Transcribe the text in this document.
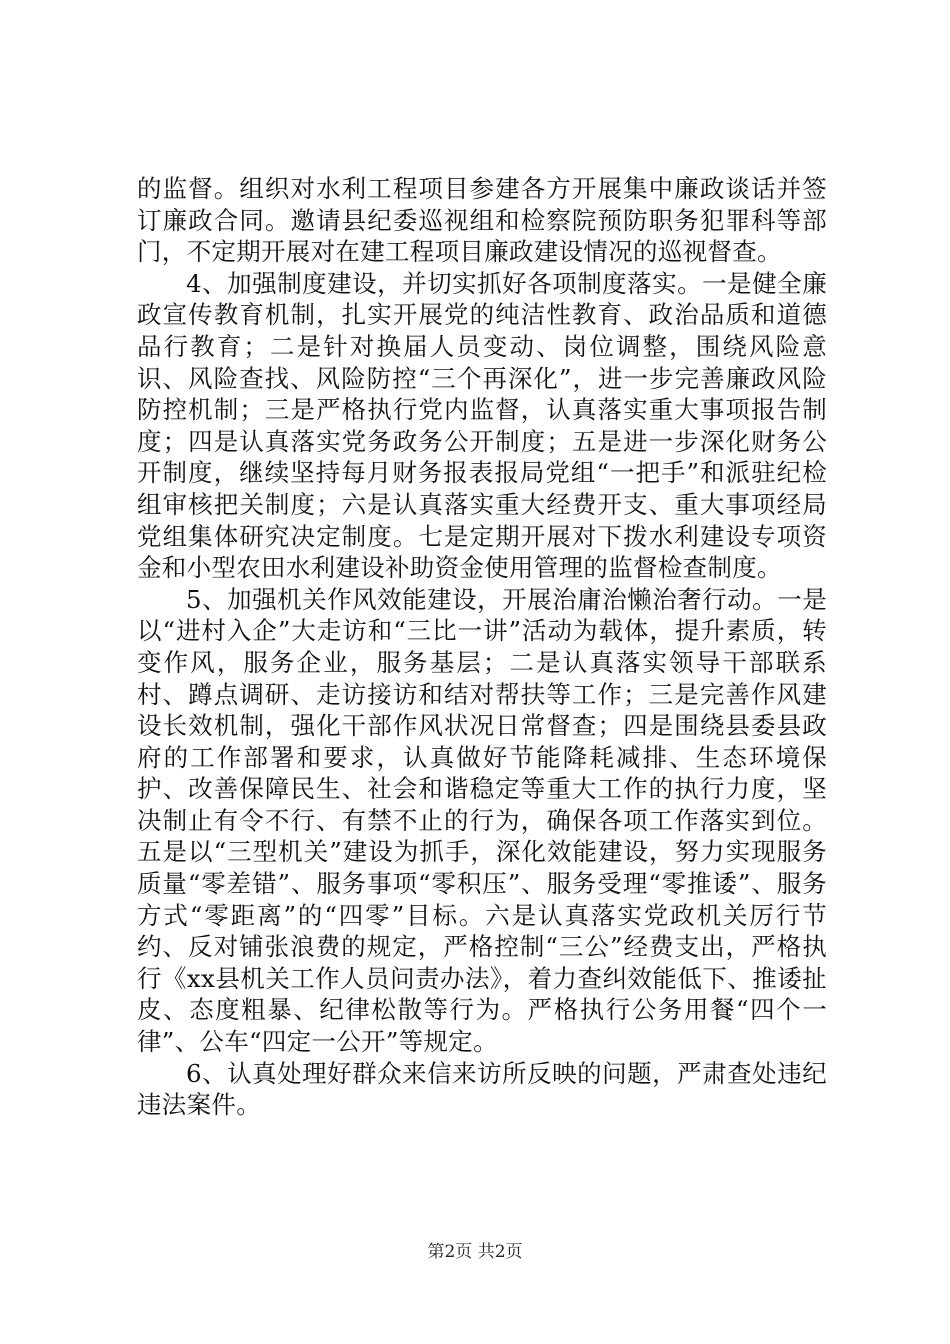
的监督。组织对水利工程项目参建各方开展集中廉政谈话并签订廉政合同。邀请县纪委巡视组和检察院预防职务犯罪科等部门，不定期开展对在建工程项目廉政建设情况的巡视督查。

4、加强制度建设，并切实抓好各项制度落实。一是健全廉政宣传教育机制，扎实开展党的纯洁性教育、政治品质和道德品行教育；二是针对换届人员变动、岗位调整，围绕风险意识、风险查找、风险防控“三个再深化”，进一步完善廉政风险防控机制；三是严格执行党内监督，认真落实重大事项报告制度；四是认真落实党务政务公开制度；五是进一步深化财务公开制度，继续坚持每月财务报表报局党组“一把手”和派驻纪检组审核把关制度；六是认真落实重大经费开支、重大事项经局党组集体研究决定制度。七是定期开展对下拨水利建设专项资金和小型农田水利建设补助资金使用管理的监督检查制度。

5、加强机关作风效能建设，开展治庸治懒治奢行动。一是以“进村入企”大走访和“三比一讲”活动为载体，提升素质，转变作风，服务企业，服务基层；二是认真落实领导干部联系村、蹲点调研、走访接访和结对帮扶等工作；三是完善作风建设长效机制，强化干部作风状况日常督查；四是围绕县委县政府的工作部署和要求，认真做好节能降耗减排、生态环境保护、改善保障民生、社会和谐稳定等重大工作的执行力度，坚决制止有令不行、有禁不止的行为，确保各项工作落实到位。五是以“三型机关”建设为抓手，深化效能建设，努力实现服务质量“零差错”、服务事项“零积压”、服务受理“零推诿”、服务方式“零距离”的“四零”目标。六是认真落实党政机关厉行节约、反对铺张浪费的规定，严格控制“三公”经费支出，严格执行《xx县机关工作人员问责办法》，着力查纠效能低下、推诿扯皮、态度粗暴、纪律松散等行为。严格执行公务用餐“四个一律”、公车“四定一公开”等规定。

6、认真处理好群众来信来访所反映的问题，严肃查处违纪违法案件。

第2页 共2页
